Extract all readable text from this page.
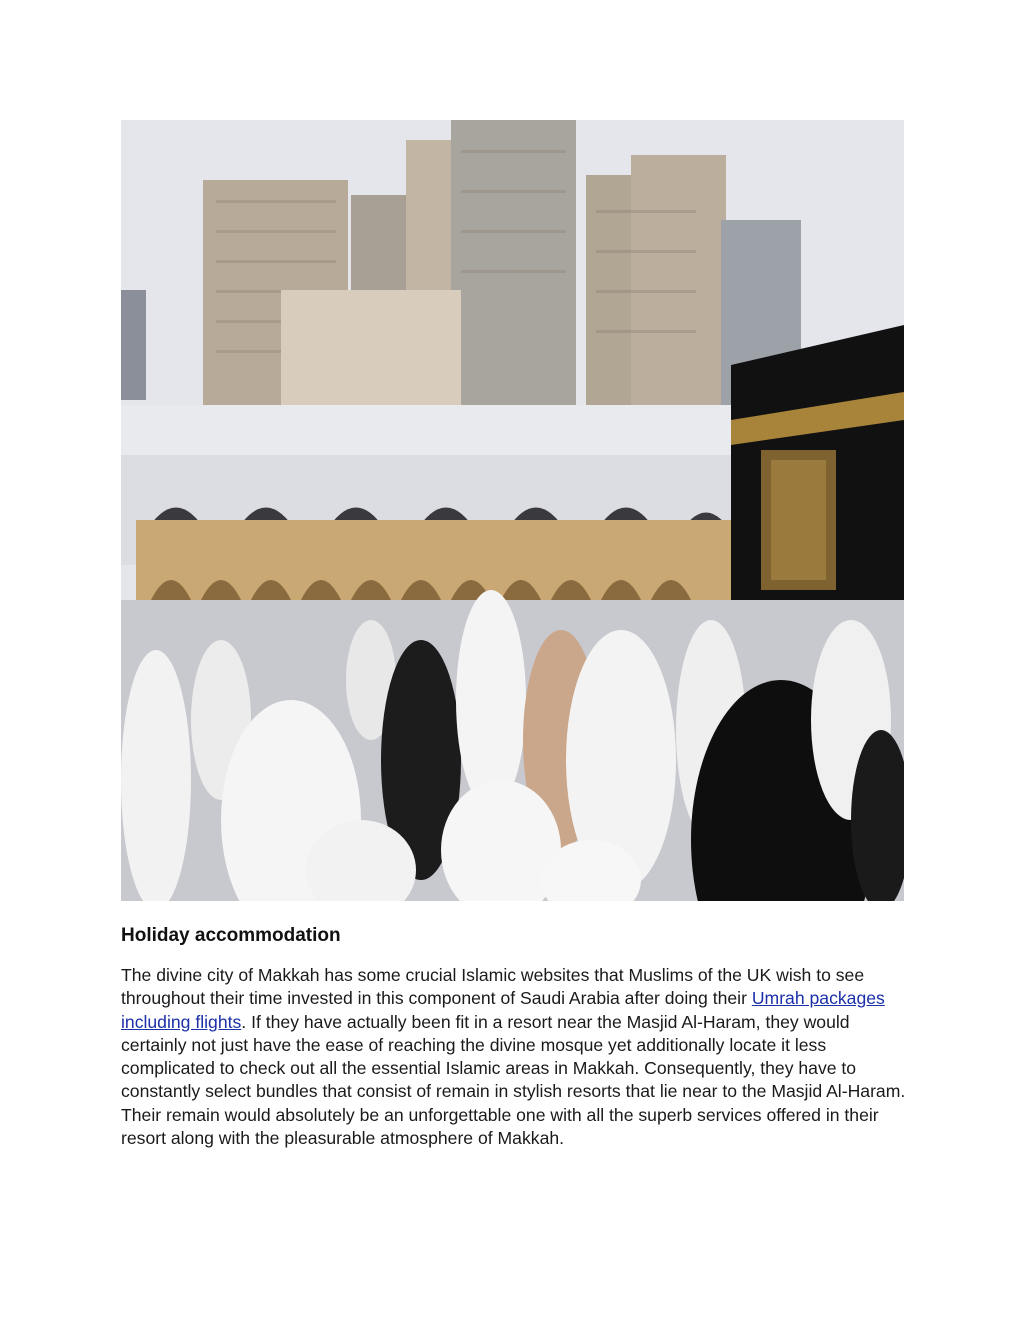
Holiday accommodation

The divine city of Makkah has some crucial Islamic websites that Muslims of the UK wish to see throughout their time invested in this component of Saudi Arabia after doing their Umrah packages including flights. If they have actually been fit in a resort near the Masjid Al-Haram, they would certainly not just have the ease of reaching the divine mosque yet additionally locate it less complicated to check out all the essential Islamic areas in Makkah. Consequently, they have to constantly select bundles that consist of remain in stylish resorts that lie near to the Masjid Al-Haram. Their remain would absolutely be an unforgettable one with all the superb services offered in their resort along with the pleasurable atmosphere of Makkah.
